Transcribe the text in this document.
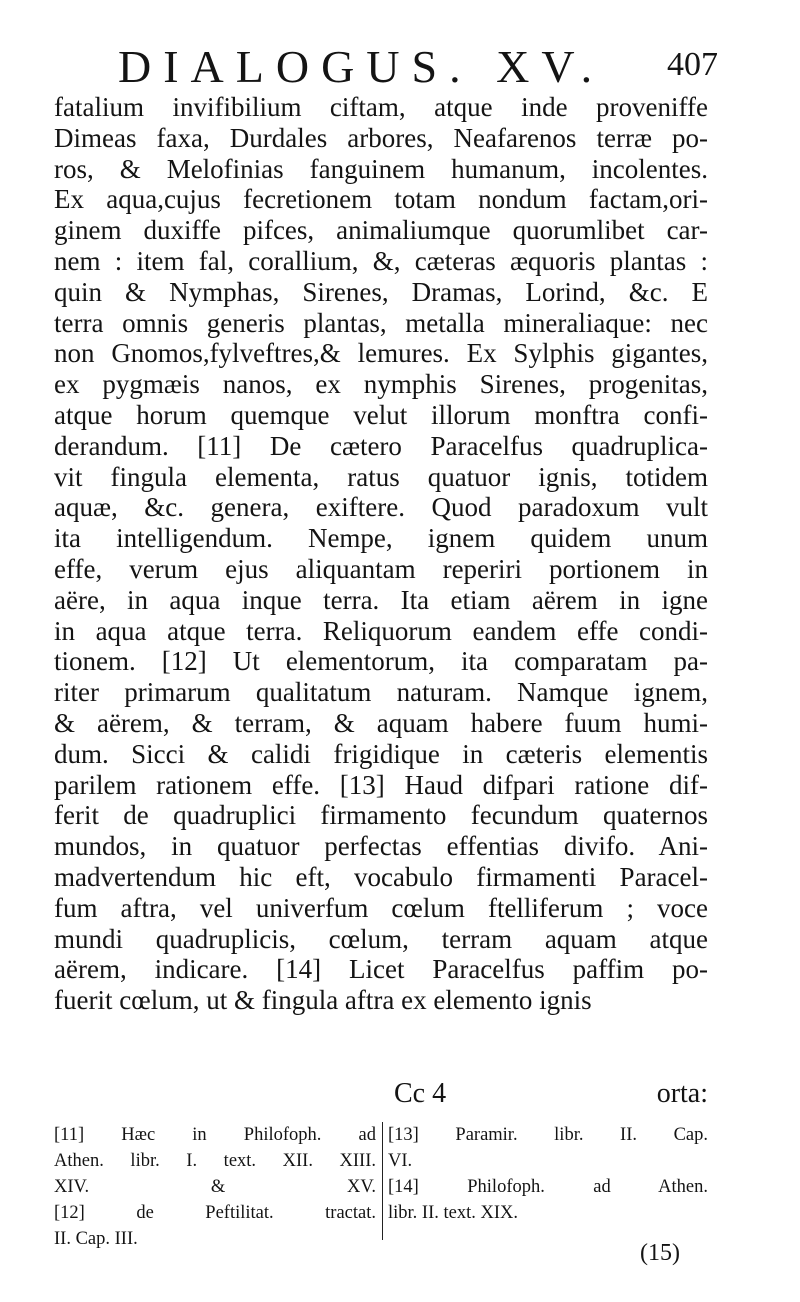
DIALOGUS. XV. 407
fatalium invifibilium ciftam, atque inde proveniffe
Dimeas faxa, Durdales arbores, Neafarenos terræ po-
ros, & Melofinias fanguinem humanum, incolentes.
Ex aqua,cujus fecretionem totam nondum factam,ori-
ginem duxiffe pifces, animaliumque quorumlibet car-
nem : item fal, corallium, &, cæteras æquoris plantas :
quin & Nymphas, Sirenes, Dramas, Lorind, &c. E
terra omnis generis plantas, metalla mineraliaque: nec
non Gnomos,fylveftres,& lemures. Ex Sylphis gigantes,
ex pygmæis nanos, ex nymphis Sirenes, progenitas,
atque horum quemque velut illorum monftra confi-
derandum. [11] De cætero Paracelfus quadruplica-
vit fingula elementa, ratus quatuor ignis, totidem
aquæ, &c. genera, exiftere. Quod paradoxum vult
ita intelligendum. Nempe, ignem quidem unum
effe, verum ejus aliquantam reperiri portionem in
aëre, in aqua inque terra. Ita etiam aërem in igne
in aqua atque terra. Reliquorum eandem effe condi-
tionem. [12] Ut elementorum, ita comparatam pa-
riter primarum qualitatum naturam. Namque ignem,
& aërem, & terram, & aquam habere fuum humi-
dum. Sicci & calidi frigidique in cæteris elementis
parilem rationem effe. [13] Haud difpari ratione dif-
ferit de quadruplici firmamento fecundum quaternos
mundos, in quatuor perfectas effentias divifo. Ani-
madvertendum hic eft, vocabulo firmamenti Paracel-
fum aftra, vel univerfum cœlum ftelliferum ; voce
mundi quadruplicis, cœlum, terram aquam atque
aërem, indicare. [14] Licet Paracelfus paffim po-
fuerit cœlum, ut & fingula aftra ex elemento ignis
Cc 4	orta:
[11] Hæc in Philofoph. ad
Athen. libr. I. text. XII. XIII.
XIV. & XV.
[12] de Peftilitat. tractat.
II. Cap. III.
[13] Paramir. libr. II. Cap.
VI.
[14] Philofoph. ad Athen.
libr. II. text. XIX.
(15)
